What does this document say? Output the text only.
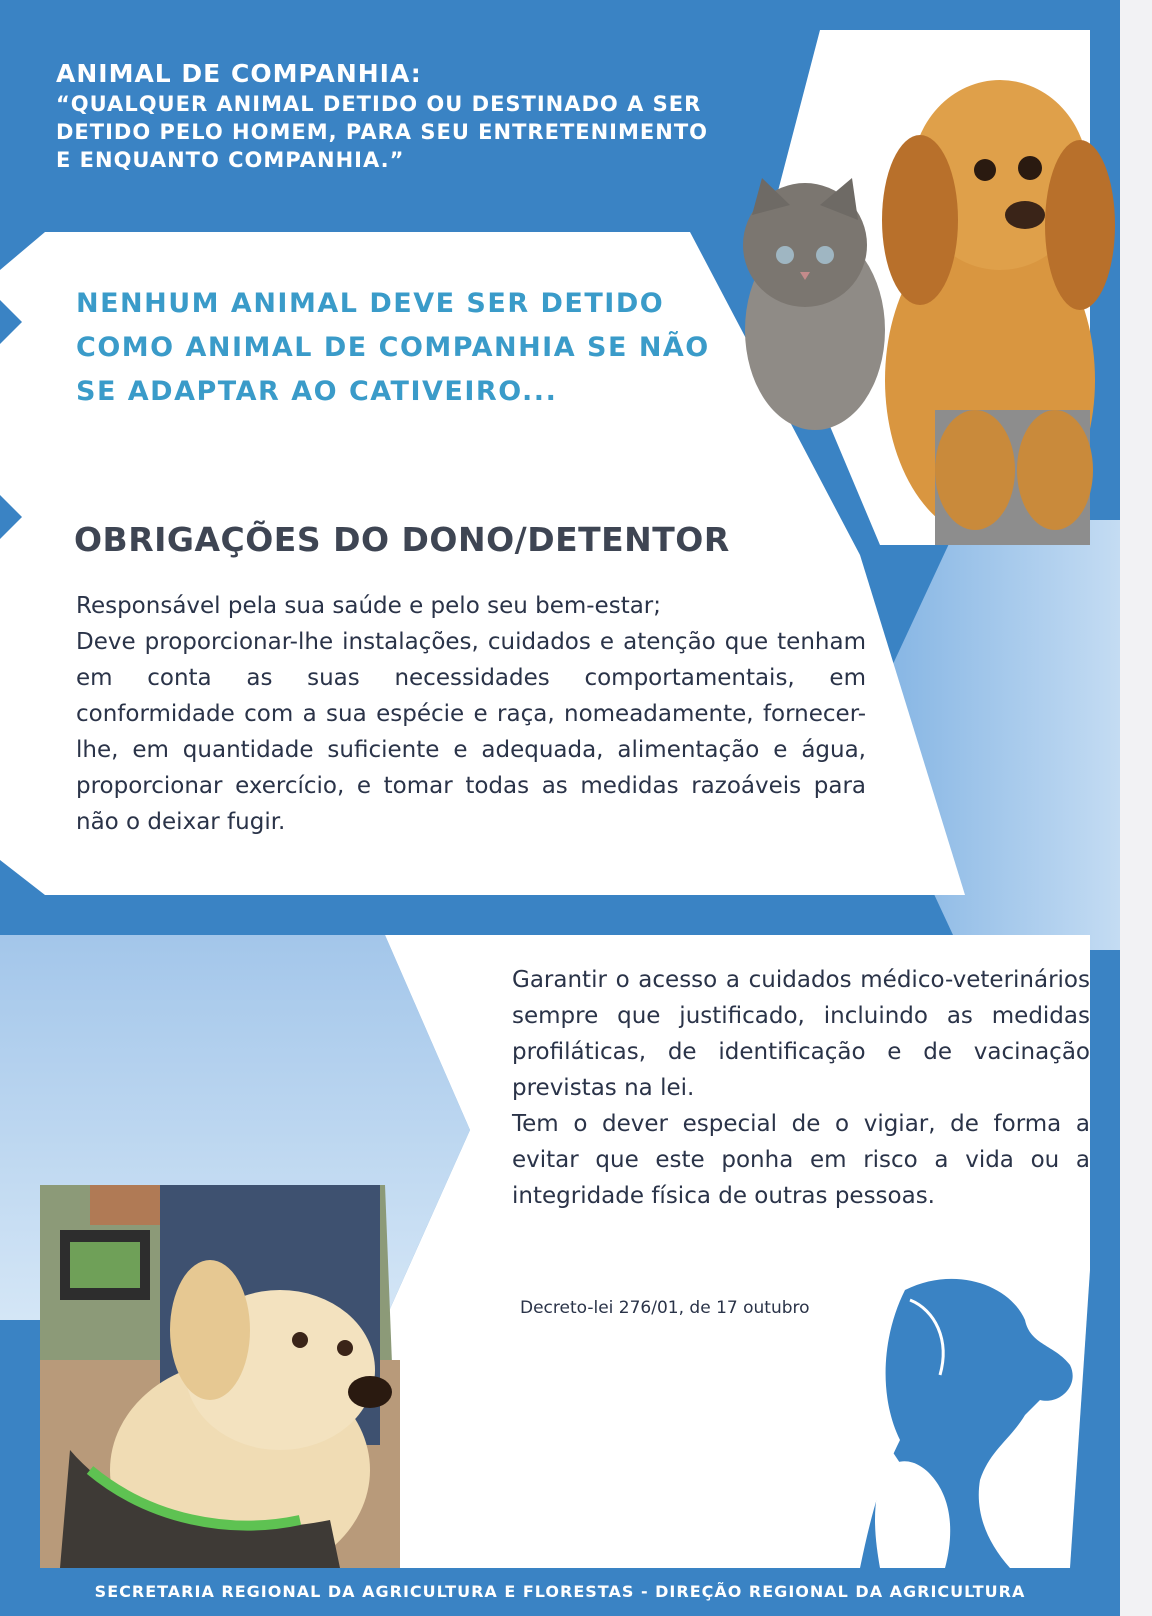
ANIMAL DE COMPANHIA:
“QUALQUER ANIMAL DETIDO OU DESTINADO A SER
DETIDO PELO HOMEM, PARA SEU ENTRETENIMENTO
E ENQUANTO COMPANHIA.”
NENHUM ANIMAL DEVE SER DETIDO
COMO ANIMAL DE COMPANHIA SE NÃO
SE ADAPTAR AO CATIVEIRO...
OBRIGAÇÕES DO DONO/DETENTOR
Responsável pela sua saúde e pelo seu bem-estar;
Deve proporcionar-lhe instalações, cuidados e atenção que tenham em conta as suas necessidades comportamentais, em conformidade com a sua espécie e raça, nomeadamente, fornecer-lhe, em quantidade suficiente e adequada, alimentação e água, proporcionar exercício, e tomar todas as medidas razoáveis para não o deixar fugir.
Garantir o acesso a cuidados médico-veterinários sempre que justificado, incluindo as medidas profiláticas, de identificação e de vacinação previstas na lei.
Tem o dever especial de o vigiar, de forma a evitar que este ponha em risco a vida ou a integridade física de outras pessoas.
Decreto-lei 276/01, de 17 outubro
SECRETARIA REGIONAL DA AGRICULTURA E FLORESTAS - DIREÇÃO REGIONAL DA AGRICULTURA
